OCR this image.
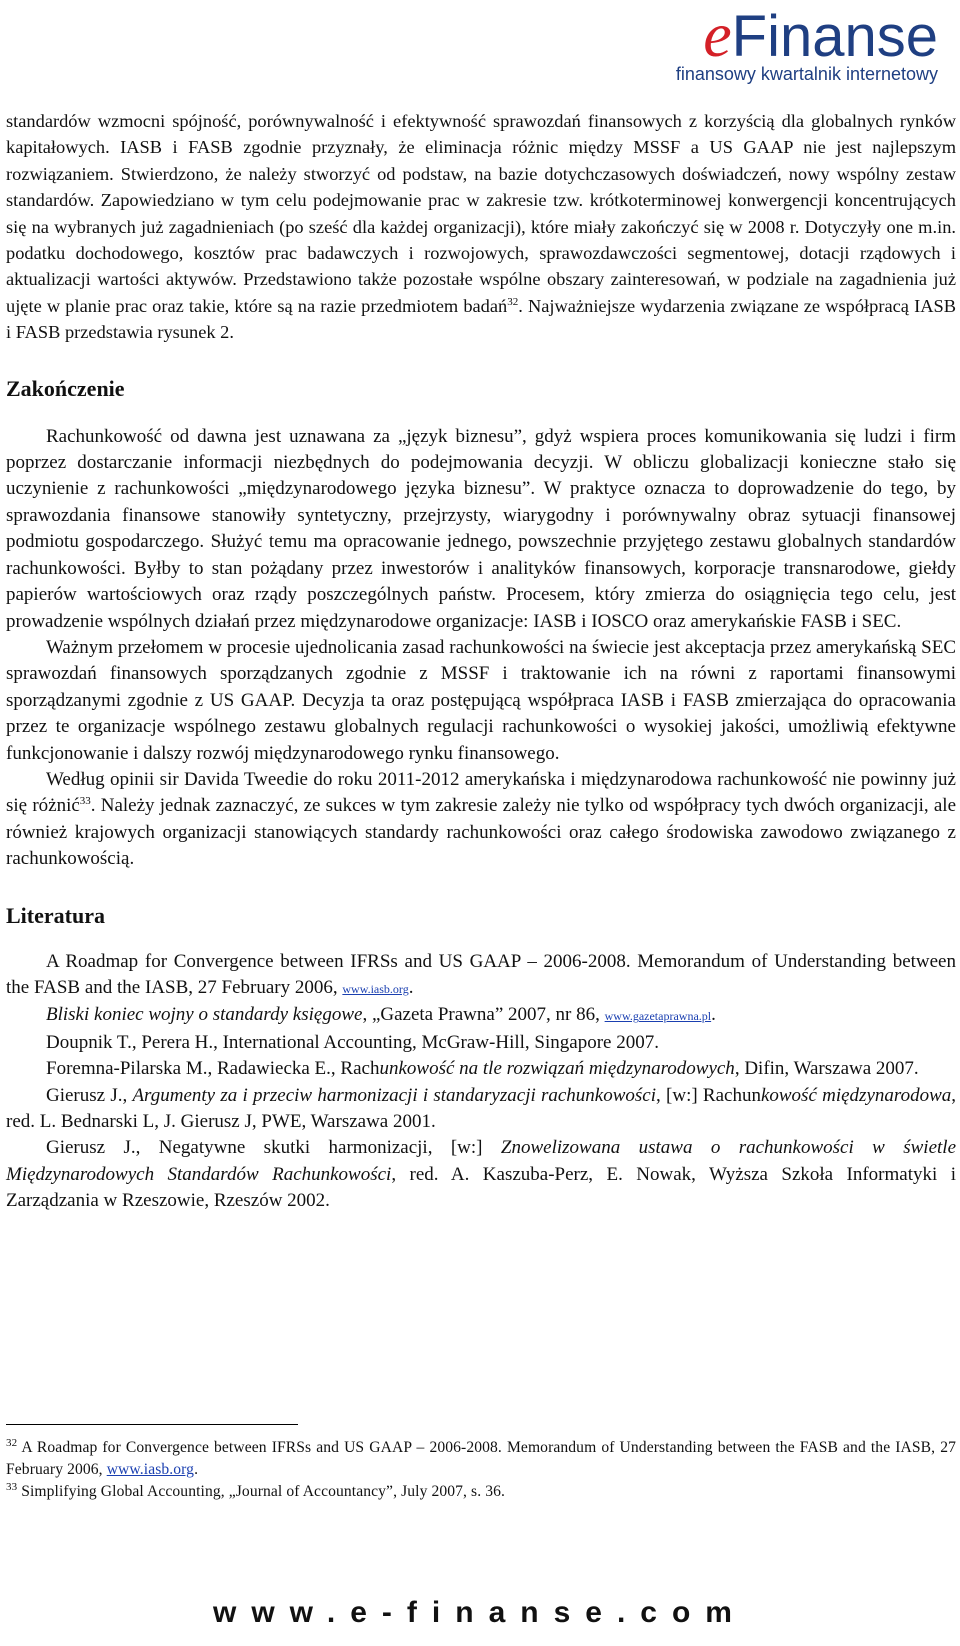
eFinanse
finansowy kwartalnik internetowy

standardów wzmocni spójność, porównywalność i efektywność sprawozdań finansowych z korzyścią dla globalnych rynków kapitałowych. IASB i FASB zgodnie przyznały, że eliminacja różnic między MSSF a US GAAP nie jest najlepszym rozwiązaniem. Stwierdzono, że należy stworzyć od podstaw, na bazie dotychczasowych doświadczeń, nowy wspólny zestaw standardów. Zapowiedziano w tym celu podejmowanie prac w zakresie tzw. krótkoterminowej konwergencji koncentrujących się na wybranych już zagadnieniach (po sześć dla każdej organizacji), które miały zakończyć się w 2008 r. Dotyczyły one m.in. podatku dochodowego, kosztów prac badawczych i rozwojowych, sprawozdawczości segmentowej, dotacji rządowych i aktualizacji wartości aktywów. Przedstawiono także pozostałe wspólne obszary zainteresowań, w podziale na zagadnienia już ujęte w planie prac oraz takie, które są na razie przedmiotem badań$^{32}$. Najważniejsze wydarzenia związane ze współpracą IASB i FASB przedstawia rysunek 2.

Zakończenie

Rachunkowość od dawna jest uznawana za „język biznesu”, gdyż wspiera proces komunikowania się ludzi i firm poprzez dostarczanie informacji niezbędnych do podejmowania decyzji. W obliczu globalizacji konieczne stało się uczynienie z rachunkowości „międzynarodowego języka biznesu”. W praktyce oznacza to doprowadzenie do tego, by sprawozdania finansowe stanowiły syntetyczny, przejrzysty, wiarygodny i porównywalny obraz sytuacji finansowej podmiotu gospodarczego. Służyć temu ma opracowanie jednego, powszechnie przyjętego zestawu globalnych standardów rachunkowości. Byłby to stan pożądany przez inwestorów i analityków finansowych, korporacje transnarodowe, giełdy papierów wartościowych oraz rządy poszczególnych państw. Procesem, który zmierza do osiągnięcia tego celu, jest prowadzenie wspólnych działań przez międzynarodowe organizacje: IASB i IOSCO oraz amerykańskie FASB i SEC.

Ważnym przełomem w procesie ujednolicania zasad rachunkowości na świecie jest akceptacja przez amerykańską SEC sprawozdań finansowych sporządzanych zgodnie z MSSF i traktowanie ich na równi z raportami finansowymi sporządzanymi zgodnie z US GAAP. Decyzja ta oraz postępującą współpraca IASB i FASB zmierzająca do opracowania przez te organizacje wspólnego zestawu globalnych regulacji rachunkowości o wysokiej jakości, umożliwią efektywne funkcjonowanie i dalszy rozwój międzynarodowego rynku finansowego.

Według opinii sir Davida Tweedie do roku 2011-2012 amerykańska i międzynarodowa rachunkowość nie powinny już się różnić$^{33}$. Należy jednak zaznaczyć, ze sukces w tym zakresie zależy nie tylko od współpracy tych dwóch organizacji, ale również krajowych organizacji stanowiących standardy rachunkowości oraz całego środowiska zawodowo związanego z rachunkowością.

Literatura

A Roadmap for Convergence between IFRSs and US GAAP – 2006-2008. Memorandum of Understanding between the FASB and the IASB, 27 February 2006, www.iasb.org.

Bliski koniec wojny o standardy księgowe, „Gazeta Prawna” 2007, nr 86, www.gazetaprawna.pl.

Doupnik T., Perera H., International Accounting, McGraw-Hill, Singapore 2007.

Foremna-Pilarska M., Radawiecka E., Rachunkowość na tle rozwiązań międzynarodowych, Difin, Warszawa 2007.

Gierusz J., Argumenty za i przeciw harmonizacji i standaryzacji rachunkowości, [w:] Rachunkowość międzynarodowa, red. L. Bednarski L, J. Gierusz J, PWE, Warszawa 2001.

Gierusz J., Negatywne skutki harmonizacji, [w:] Znowelizowana ustawa o rachunkowości w świetle Międzynarodowych Standardów Rachunkowości, red. A. Kaszuba-Perz, E. Nowak, Wyższa Szkoła Informatyki i Zarządzania w Rzeszowie, Rzeszów 2002.

$^{32}$ A Roadmap for Convergence between IFRSs and US GAAP – 2006-2008. Memorandum of Understanding between the FASB and the IASB, 27 February 2006, www.iasb.org.

$^{33}$ Simplifying Global Accounting, „Journal of Accountancy”, July 2007, s. 36.

www.e-finanse.com
